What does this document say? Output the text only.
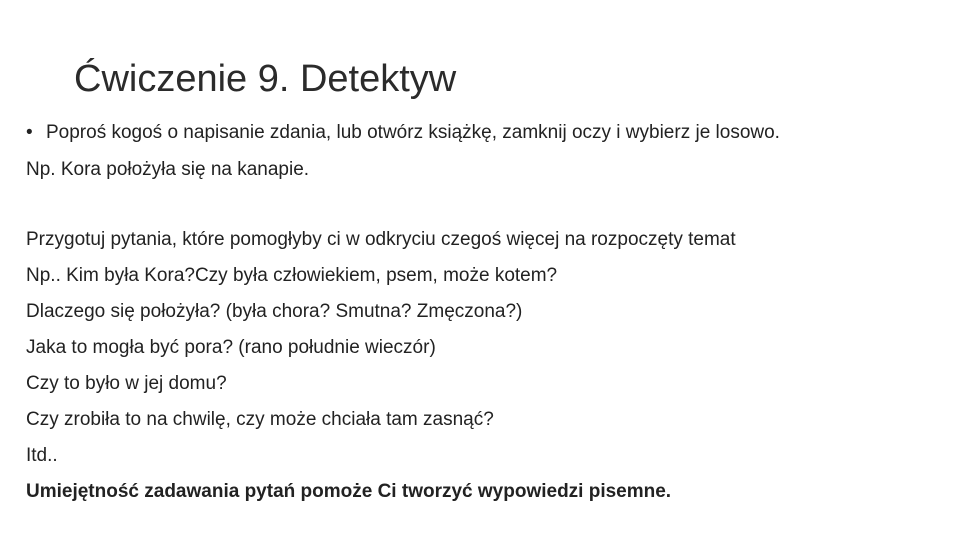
Ćwiczenie 9. Detektyw
• Poproś kogoś o napisanie zdania, lub otwórz książkę, zamknij oczy i wybierz je losowo.
Np. Kora położyła się na kanapie.
Przygotuj pytania, które pomogłyby ci w odkryciu czegoś więcej na rozpoczęty temat
Np.. Kim była Kora?Czy była człowiekiem, psem, może kotem?
Dlaczego się położyła? (była chora? Smutna? Zmęczona?)
Jaka to mogła być pora? (rano południe wieczór)
Czy to było w jej domu?
Czy zrobiła to na chwilę, czy może chciała tam zasnąć?
Itd..
Umiejętność zadawania pytań pomoże Ci tworzyć wypowiedzi pisemne.
